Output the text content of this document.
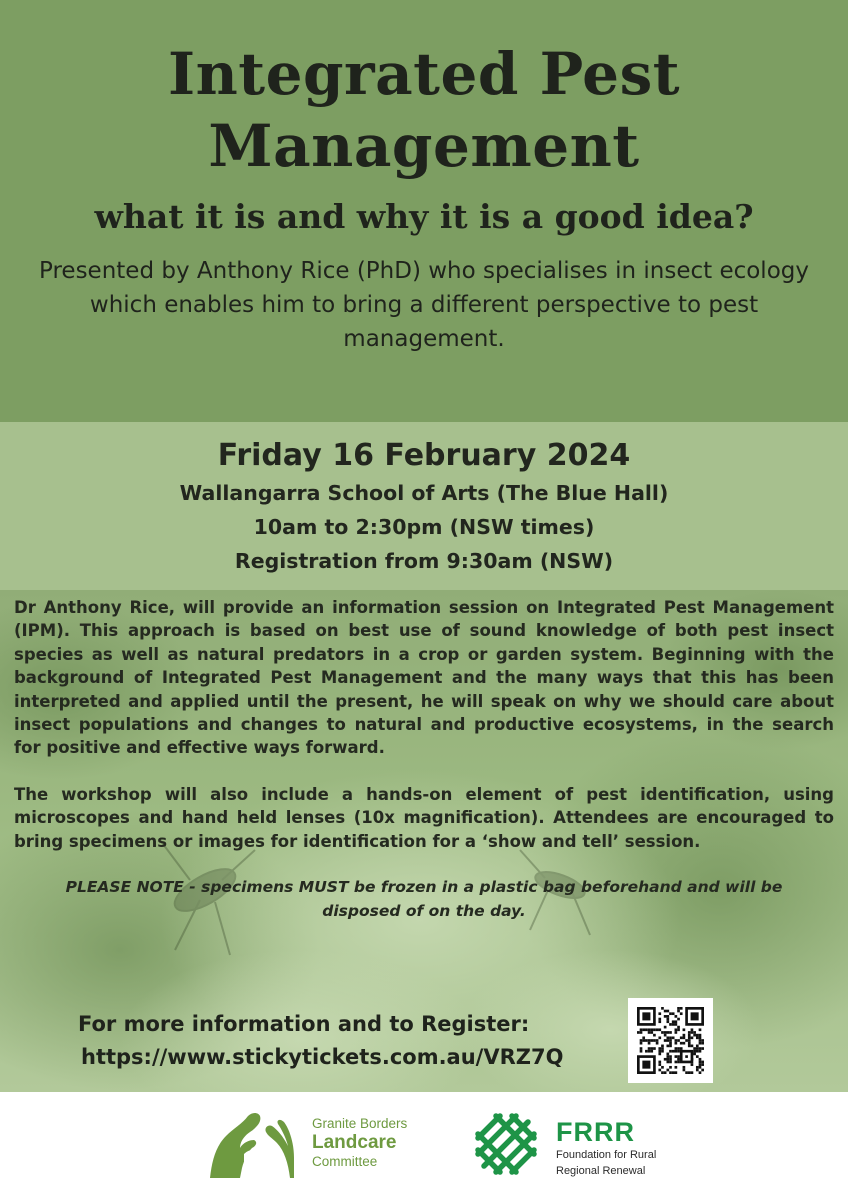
Integrated Pest
Management
what it is and why it is a good idea?
Presented by Anthony Rice (PhD) who specialises in insect ecology which enables him to bring a different perspective to pest management.
Friday 16 February 2024
Wallangarra School of Arts (The Blue Hall)
10am to 2:30pm (NSW times)
Registration from 9:30am (NSW)

Dr Anthony Rice, will provide an information session on Integrated Pest Management (IPM). This approach is based on best use of sound knowledge of both pest insect species as well as natural predators in a crop or garden system. Beginning with the background of Integrated Pest Management and the many ways that this has been interpreted and applied until the present, he will speak on why we should care about insect populations and changes to natural and productive ecosystems, in the search for positive and effective ways forward.

The workshop will also include a hands-on element of pest identification, using microscopes and hand held lenses (10x magnification). Attendees are encouraged to bring specimens or images for identification for a ‘show and tell’ session.

PLEASE NOTE - specimens MUST be frozen in a plastic bag beforehand and will be disposed of on the day.
For more information and to Register:
https://www.stickytickets.com.au/VRZ7Q
Granite Borders
Landcare
Committee
FRRR
Foundation for Rural
Regional Renewal
